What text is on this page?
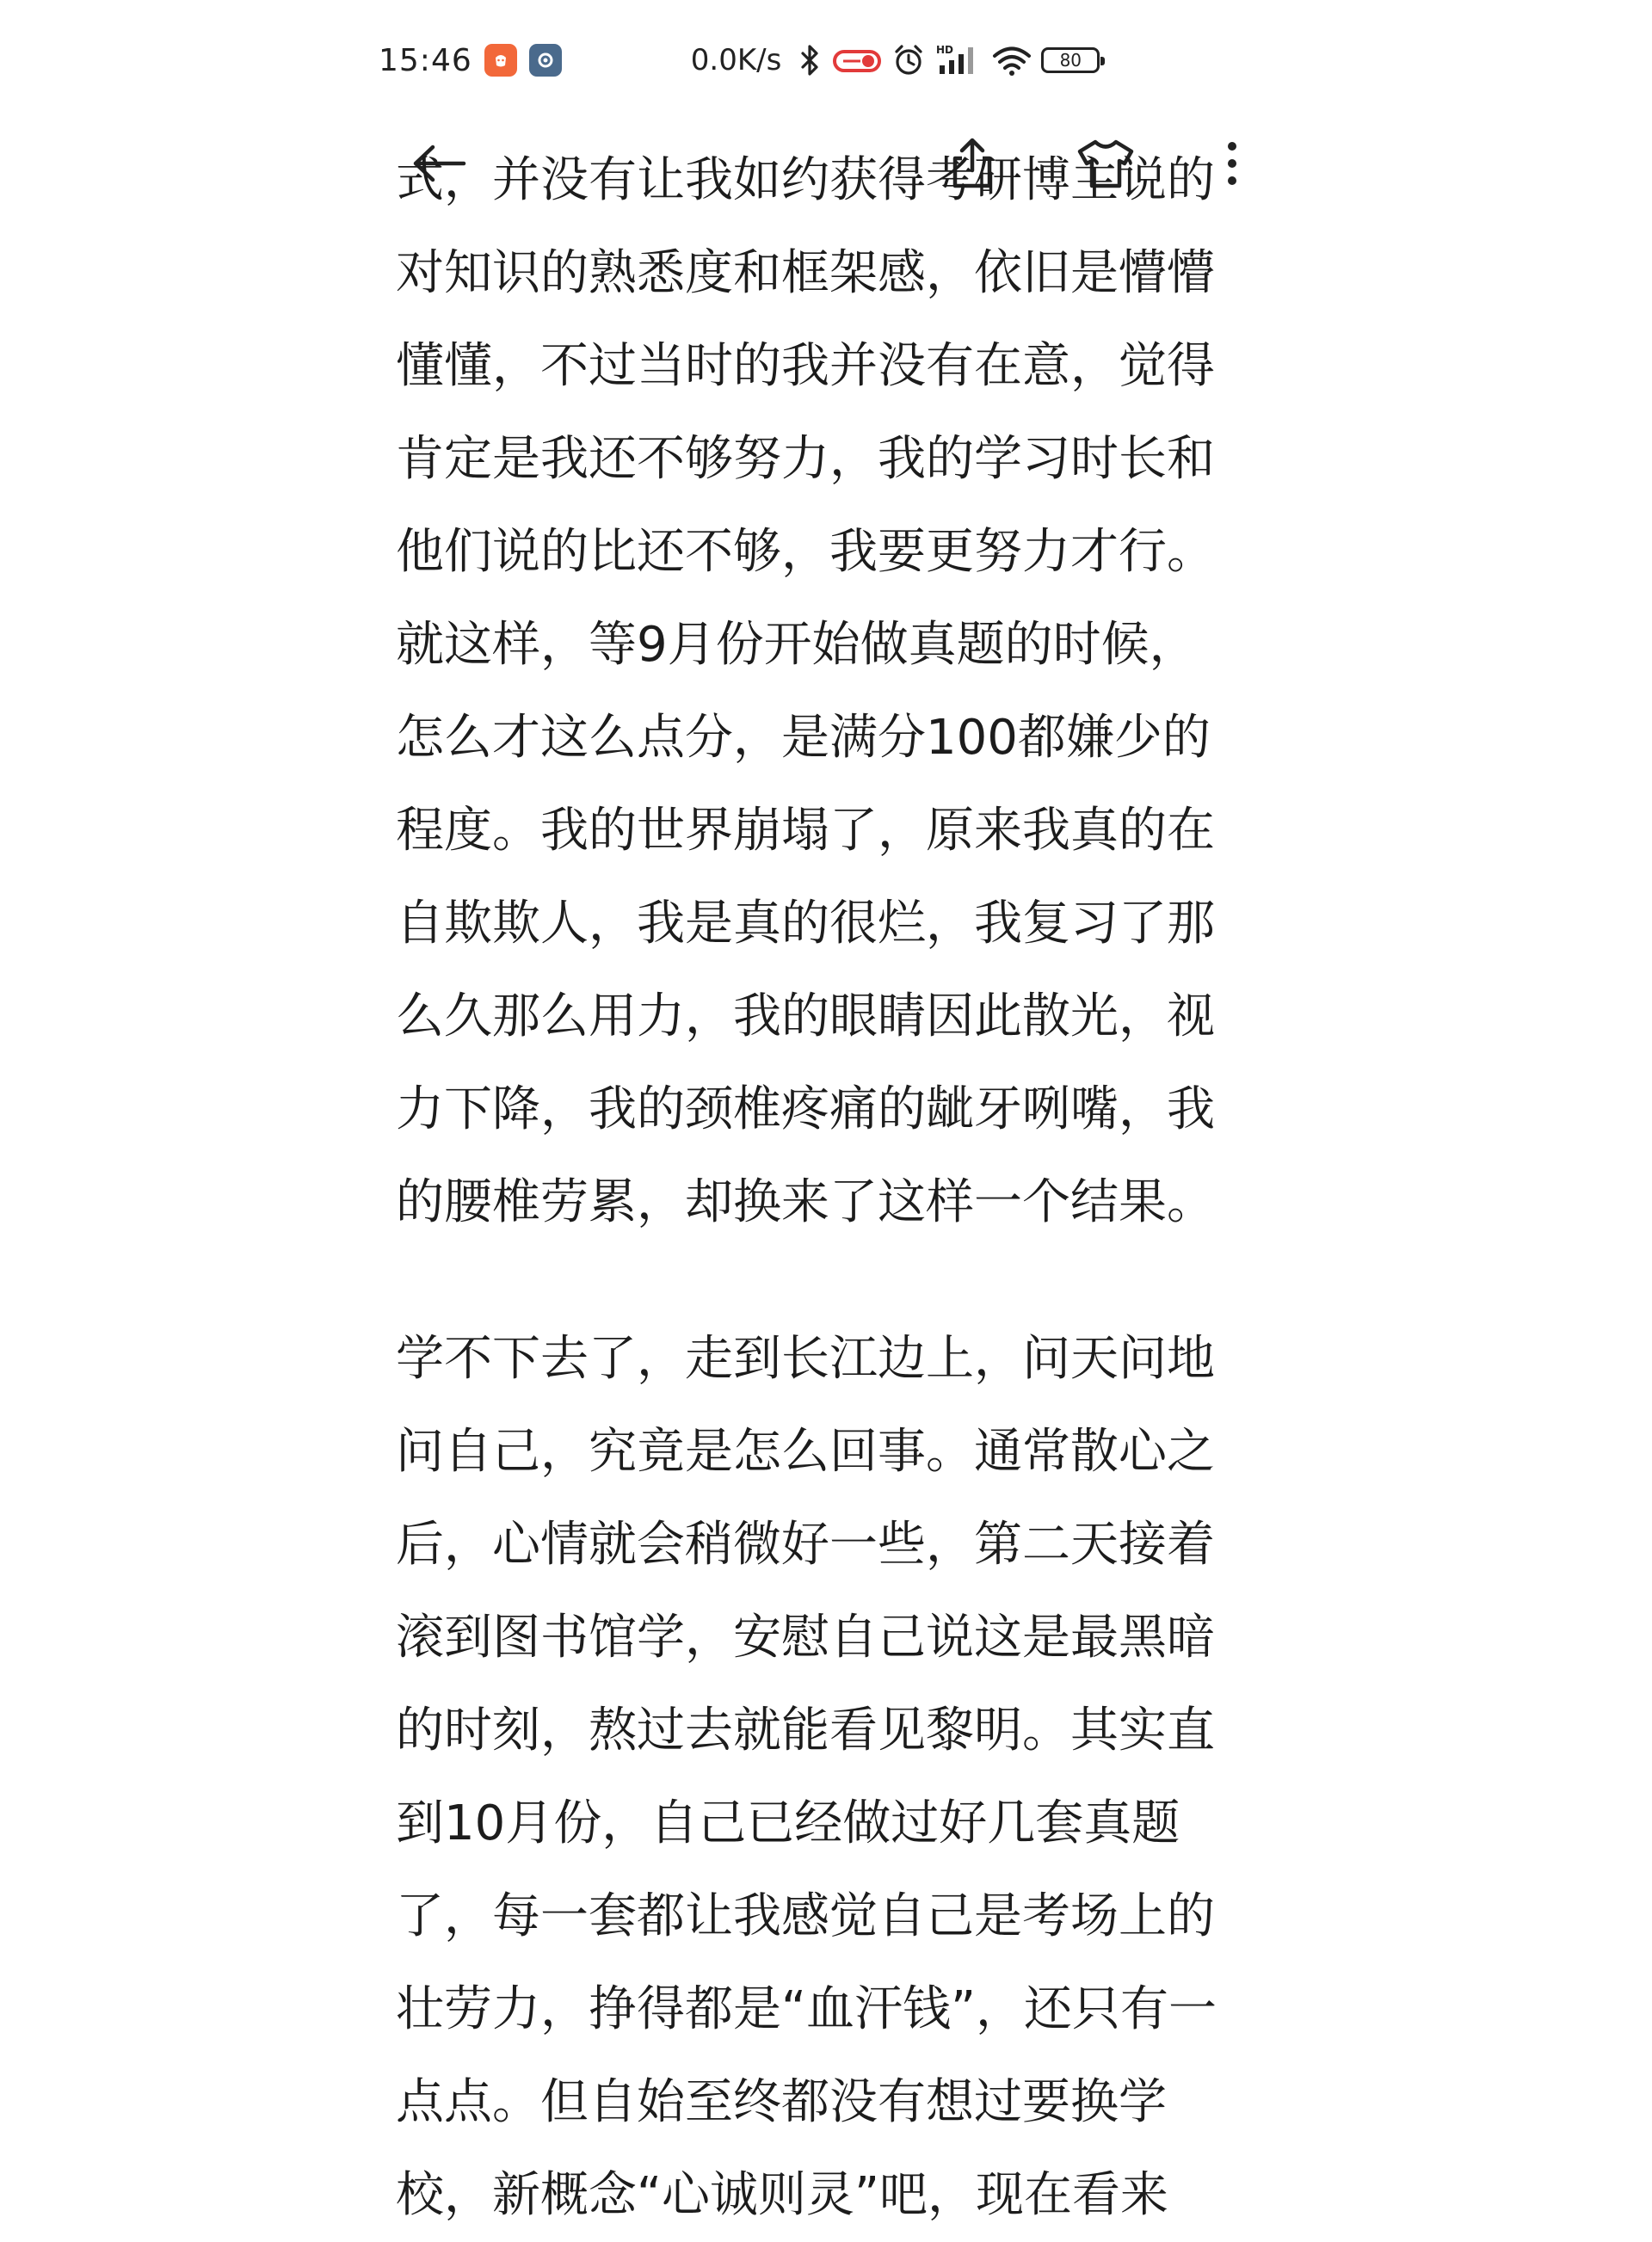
15:46	0.0K/s	HD	80
式，并没有让我如约获得考研博主说的
对知识的熟悉度和框架感，依旧是懵懵
懂懂，不过当时的我并没有在意，觉得
肯定是我还不够努力，我的学习时长和
他们说的比还不够，我要更努力才行。
就这样，等9月份开始做真题的时候，
怎么才这么点分，是满分100都嫌少的
程度。我的世界崩塌了，原来我真的在
自欺欺人，我是真的很烂，我复习了那
么久那么用力，我的眼睛因此散光，视
力下降，我的颈椎疼痛的龇牙咧嘴，我
的腰椎劳累，却换来了这样一个结果。
学不下去了，走到长江边上，问天问地
问自己，究竟是怎么回事。通常散心之
后，心情就会稍微好一些，第二天接着
滚到图书馆学，安慰自己说这是最黑暗
的时刻，熬过去就能看见黎明。其实直
到10月份，自己已经做过好几套真题
了，每一套都让我感觉自己是考场上的
壮劳力，挣得都是“血汗钱”，还只有一
点点。但自始至终都没有想过要换学
校，新概念“心诚则灵”吧，现在看来
